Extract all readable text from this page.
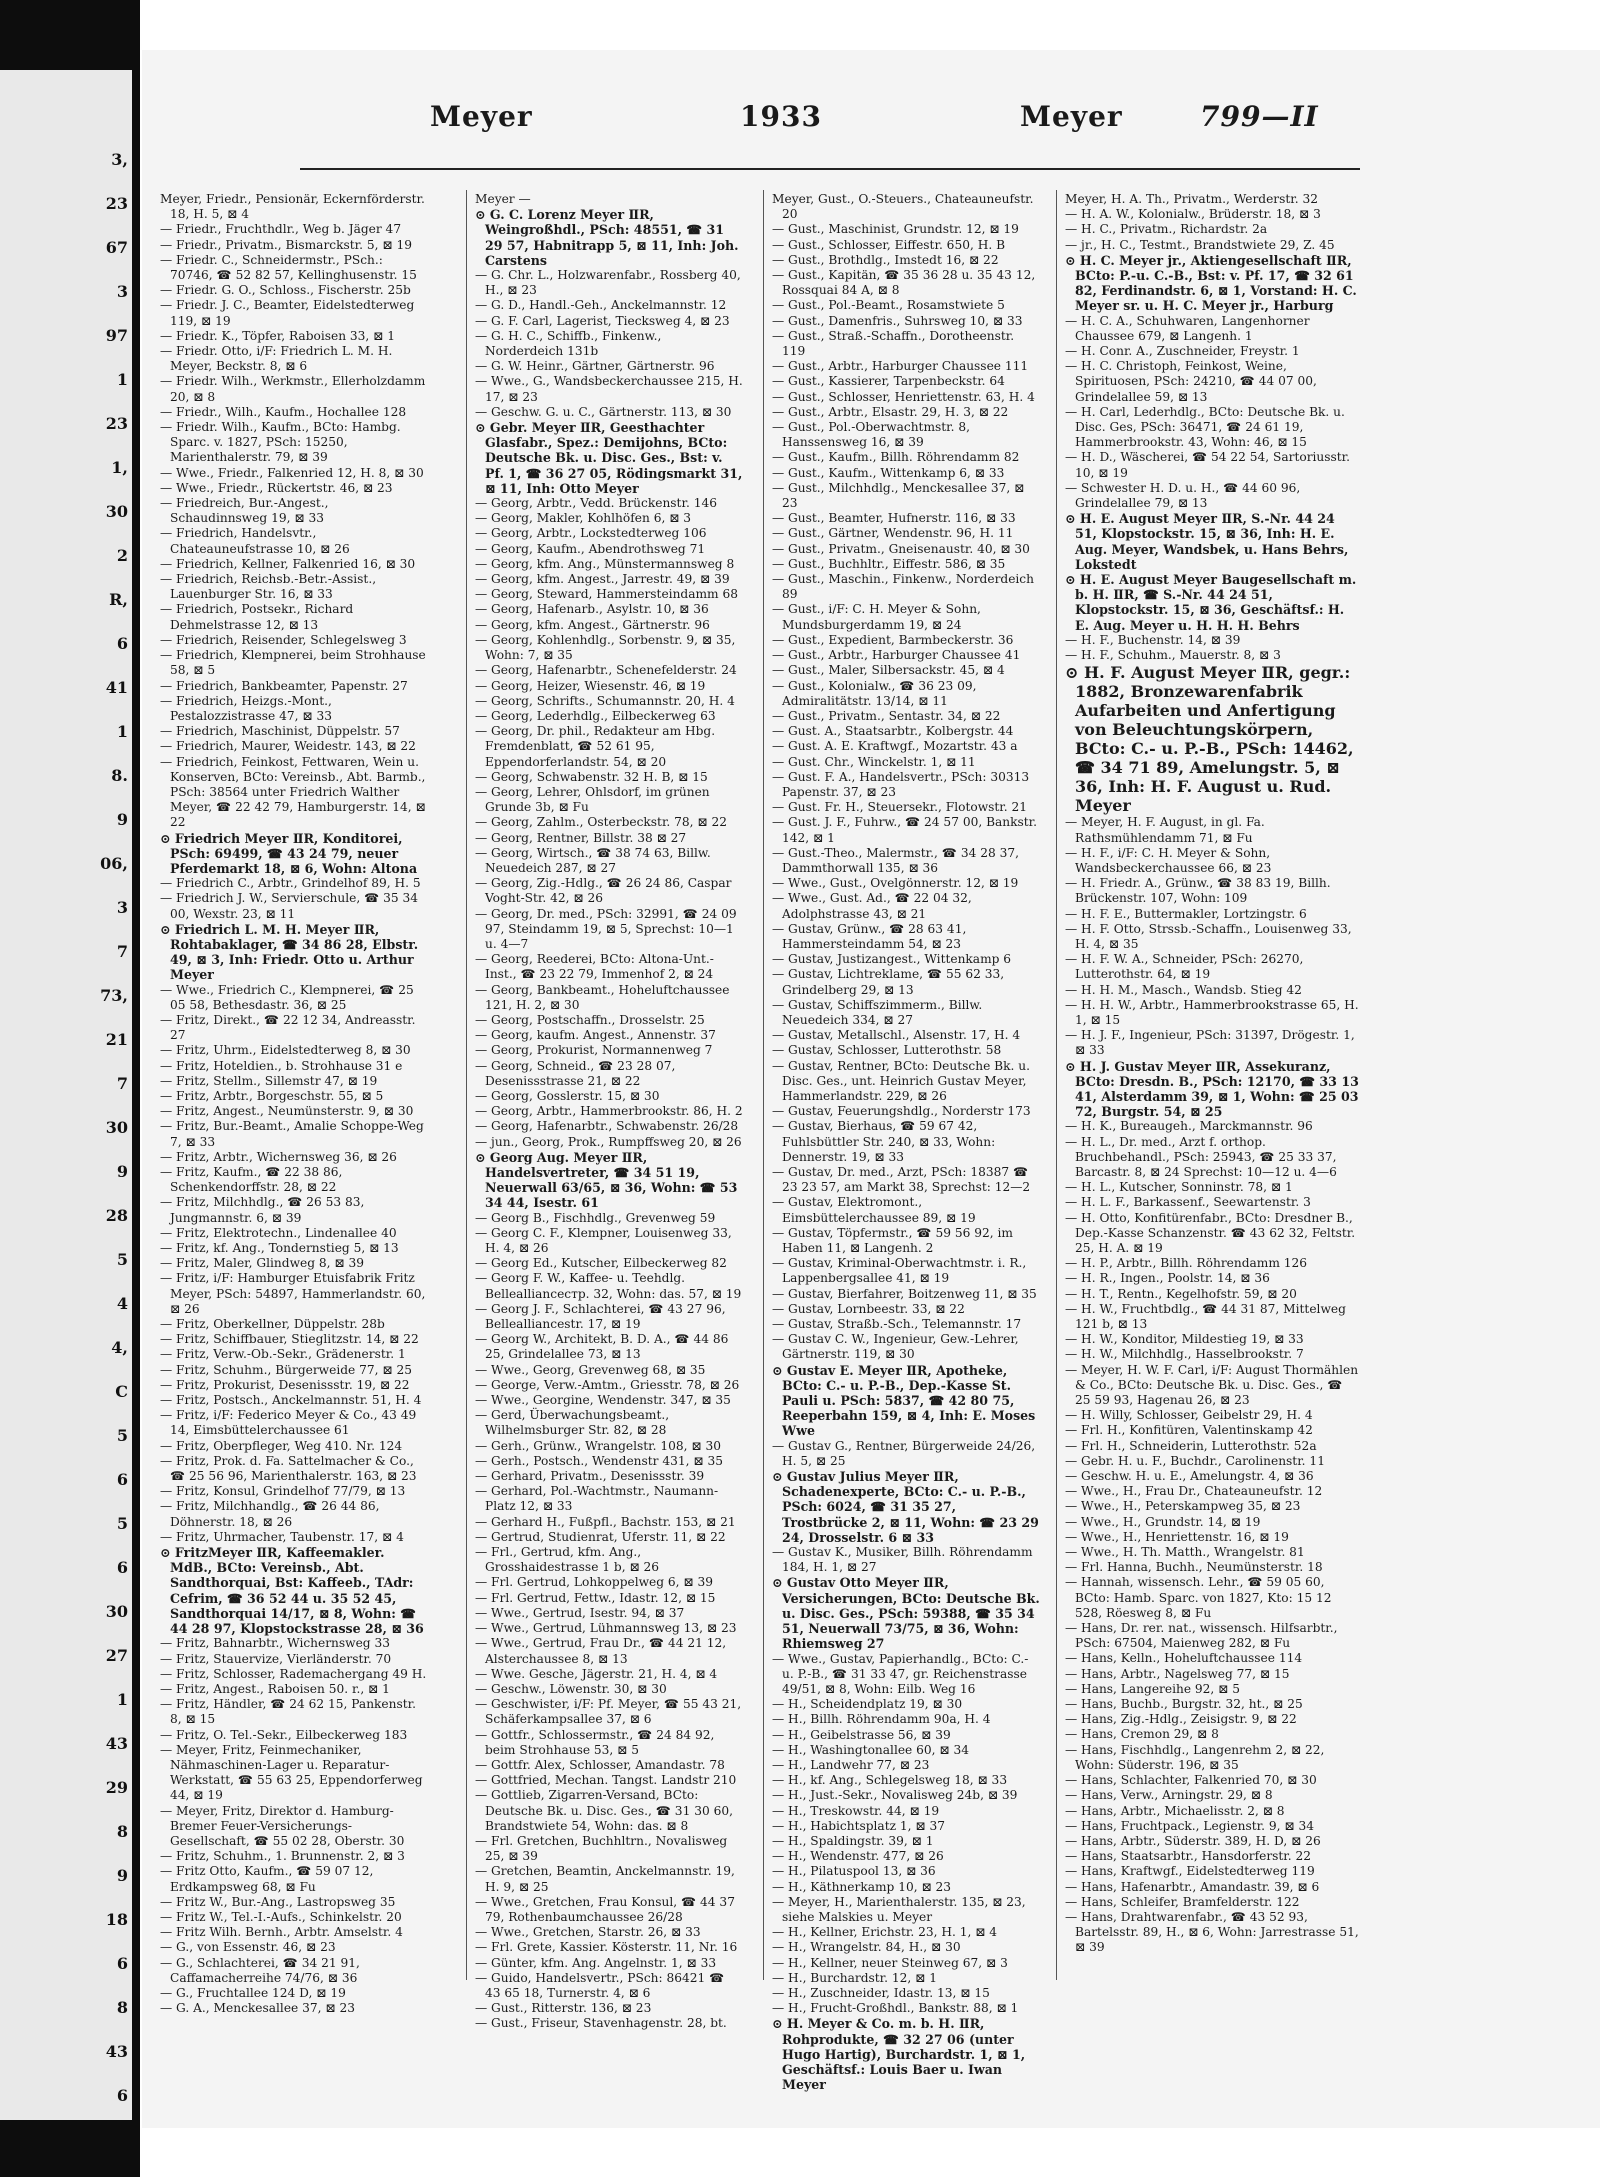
3,
23
67
3
97
1
23
1,
30
2
R,
6
41
1
8.
9
06,
3
7
73,
21
7
30
9
28
5
4
4,
C
5
6
5
6
30
27
1
43
29
8
9
18
6
8
43
6
Meyer	1933	Meyer	799—II

Meyer, Friedr., Pensionär, Eckernförderstr. 18, H. 5, ⊠ 4

— Friedr., Fruchthdlr., Weg b. Jäger 47

— Friedr., Privatm., Bismarckstr. 5, ⊠ 19

— Friedr. C., Schneidermstr., PSch.: 70746, ☎ 52 82 57, Kellinghusenstr. 15

— Friedr. G. O., Schloss., Fischerstr. 25b

— Friedr. J. C., Beamter, Eidelstedterweg 119, ⊠ 19

— Friedr. K., Töpfer, Raboisen 33, ⊠ 1

— Friedr. Otto, i/F: Friedrich L. M. H. Meyer, Beckstr. 8, ⊠ 6

— Friedr. Wilh., Werkmstr., Ellerholzdamm 20, ⊠ 8

— Friedr., Wilh., Kaufm., Hochallee 128

— Friedr. Wilh., Kaufm., BCto: Hambg. Sparc. v. 1827, PSch: 15250, Marienthalerstr. 79, ⊠ 39

— Wwe., Friedr., Falkenried 12, H. 8, ⊠ 30

— Wwe., Friedr., Rückertstr. 46, ⊠ 23

— Friedreich, Bur.-Angest., Schaudinnsweg 19, ⊠ 33

— Friedrich, Handelsvtr., Chateauneufstrasse 10, ⊠ 26

— Friedrich, Kellner, Falkenried 16, ⊠ 30

— Friedrich, Reichsb.-Betr.-Assist., Lauenburger Str. 16, ⊠ 33

— Friedrich, Postsekr., Richard Dehmelstrasse 12, ⊠ 13

— Friedrich, Reisender, Schlegelsweg 3

— Friedrich, Klempnerei, beim Strohhause 58, ⊠ 5

— Friedrich, Bankbeamter, Papenstr. 27

— Friedrich, Heizgs.-Mont., Pestalozzistrasse 47, ⊠ 33

— Friedrich, Maschinist, Düppelstr. 57

— Friedrich, Maurer, Weidestr. 143, ⊠ 22

— Friedrich, Feinkost, Fettwaren, Wein u. Konserven, BCto: Vereinsb., Abt. Barmb., PSch: 38564 unter Friedrich Walther Meyer, ☎ 22 42 79, Hamburgerstr. 14, ⊠ 22

⊙ Friedrich Meyer ⅡR, Konditorei, PSch: 69499, ☎ 43 24 79, neuer Pferdemarkt 18, ⊠ 6, Wohn: Altona

— Friedrich C., Arbtr., Grindelhof 89, H. 5

— Friedrich J. W., Servierschule, ☎ 35 34 00, Wexstr. 23, ⊠ 11

⊙ Friedrich L. M. H. Meyer ⅡR, Rohtabaklager, ☎ 34 86 28, Elbstr. 49, ⊠ 3, Inh: Friedr. Otto u. Arthur Meyer

— Wwe., Friedrich C., Klempnerei, ☎ 25 05 58, Bethesdastr. 36, ⊠ 25

— Fritz, Direkt., ☎ 22 12 34, Andreasstr. 27

— Fritz, Uhrm., Eidelstedterweg 8, ⊠ 30

— Fritz, Hoteldien., b. Strohhause 31 e

— Fritz, Stellm., Sillemstr 47, ⊠ 19

— Fritz, Arbtr., Borgeschstr. 55, ⊠ 5

— Fritz, Angest., Neumünsterstr. 9, ⊠ 30

— Fritz, Bur.-Beamt., Amalie Schoppe-Weg 7, ⊠ 33

— Fritz, Arbtr., Wichernsweg 36, ⊠ 26

— Fritz, Kaufm., ☎ 22 38 86, Schenkendorffstr. 28, ⊠ 22

— Fritz, Milchhdlg., ☎ 26 53 83, Jungmannstr. 6, ⊠ 39

— Fritz, Elektrotechn., Lindenallee 40

— Fritz, kf. Ang., Tondernstieg 5, ⊠ 13

— Fritz, Maler, Glindweg 8, ⊠ 39

— Fritz, i/F: Hamburger Etuisfabrik Fritz Meyer, PSch: 54897, Hammerlandstr. 60, ⊠ 26

— Fritz, Oberkellner, Düppelstr. 28b

— Fritz, Schiffbauer, Stieglitzstr. 14, ⊠ 22

— Fritz, Verw.-Ob.-Sekr., Grädenerstr. 1

— Fritz, Schuhm., Bürgerweide 77, ⊠ 25

— Fritz, Prokurist, Desenissstr. 19, ⊠ 22

— Fritz, Postsch., Anckelmannstr. 51, H. 4

— Fritz, i/F: Federico Meyer & Co., 43 49 14, Eimsbüttelerchaussee 61

— Fritz, Oberpfleger, Weg 410. Nr. 124

— Fritz, Prok. d. Fa. Sattelmacher & Co., ☎ 25 56 96, Marienthalerstr. 163, ⊠ 23

— Fritz, Konsul, Grindelhof 77/79, ⊠ 13

— Fritz, Milchhandlg., ☎ 26 44 86, Döhnerstr. 18, ⊠ 26

— Fritz, Uhrmacher, Taubenstr. 17, ⊠ 4

⊙ FritzMeyer ⅡR, Kaffeemakler. MdB., BCto: Vereinsb., Abt. Sandthorquai, Bst: Kaffeeb., TAdr: Cefrim, ☎ 36 52 44 u. 35 52 45, Sandthorquai 14/17, ⊠ 8, Wohn: ☎ 44 28 97, Klopstockstrasse 28, ⊠ 36

— Fritz, Bahnarbtr., Wichernsweg 33

— Fritz, Stauervize, Vierländerstr. 70

— Fritz, Schlosser, Rademachergang 49 H.

— Fritz, Angest., Raboisen 50. r., ⊠ 1

— Fritz, Händler, ☎ 24 62 15, Pankenstr. 8, ⊠ 15

— Fritz, O. Tel.-Sekr., Eilbeckerweg 183

— Meyer, Fritz, Feinmechaniker, Nähmaschinen-Lager u. Reparatur-Werkstatt, ☎ 55 63 25, Eppendorferweg 44, ⊠ 19

— Meyer, Fritz, Direktor d. Hamburg-Bremer Feuer-Versicherungs-Gesellschaft, ☎ 55 02 28, Oberstr. 30

— Fritz, Schuhm., 1. Brunnenstr. 2, ⊠ 3

— Fritz Otto, Kaufm., ☎ 59 07 12, Erdkampsweg 68, ⊠ Fu

— Fritz W., Bur.-Ang., Lastropsweg 35

— Fritz W., Tel.-I.-Aufs., Schinkelstr. 20

— Fritz Wilh. Bernh., Arbtr. Amselstr. 4

— G., von Essenstr. 46, ⊠ 23

— G., Schlachterei, ☎ 34 21 91, Caffamacherreihe 74/76, ⊠ 36

— G., Fruchtallee 124 D, ⊠ 19

— G. A., Menckesallee 37, ⊠ 23

Meyer —

⊙ G. C. Lorenz Meyer ⅡR, Weingroßhdl., PSch: 48551, ☎ 31 29 57, Habnitrapp 5, ⊠ 11, Inh: Joh. Carstens

— G. Chr. L., Holzwarenfabr., Rossberg 40, H., ⊠ 23

— G. D., Handl.-Geh., Anckelmannstr. 12

— G. F. Carl, Lagerist, Tiecksweg 4, ⊠ 23

— G. H. C., Schiffb., Finkenw., Norderdeich 131b

— G. W. Heinr., Gärtner, Gärtnerstr. 96

— Wwe., G., Wandsbeckerchaussee 215, H. 17, ⊠ 23

— Geschw. G. u. C., Gärtnerstr. 113, ⊠ 30

⊙ Gebr. Meyer ⅡR, Geesthachter Glasfabr., Spez.: Demijohns, BCto: Deutsche Bk. u. Disc. Ges., Bst: v. Pf. 1, ☎ 36 27 05, Rödingsmarkt 31, ⊠ 11, Inh: Otto Meyer

— Georg, Arbtr., Vedd. Brückenstr. 146

— Georg, Makler, Kohlhöfen 6, ⊠ 3

— Georg, Arbtr., Lockstedterweg 106

— Georg, Kaufm., Abendrothsweg 71

— Georg, kfm. Ang., Münstermannsweg 8

— Georg, kfm. Angest., Jarrestr. 49, ⊠ 39

— Georg, Steward, Hammersteindamm 68

— Georg, Hafenarb., Asylstr. 10, ⊠ 36

— Georg, kfm. Angest., Gärtnerstr. 96

— Georg, Kohlenhdlg., Sorbenstr. 9, ⊠ 35, Wohn: 7, ⊠ 35

— Georg, Hafenarbtr., Schenefelderstr. 24

— Georg, Heizer, Wiesenstr. 46, ⊠ 19

— Georg, Schrifts., Schumannstr. 20, H. 4

— Georg, Lederhdlg., Eilbeckerweg 63

— Georg, Dr. phil., Redakteur am Hbg. Fremdenblatt, ☎ 52 61 95, Eppendorferlandstr. 54, ⊠ 20

— Georg, Schwabenstr. 32 H. B, ⊠ 15

— Georg, Lehrer, Ohlsdorf, im grünen Grunde 3b, ⊠ Fu

— Georg, Zahlm., Osterbeckstr. 78, ⊠ 22

— Georg, Rentner, Billstr. 38 ⊠ 27

— Georg, Wirtsch., ☎ 38 74 63, Billw. Neuedeich 287, ⊠ 27

— Georg, Zig.-Hdlg., ☎ 26 24 86, Caspar Voght-Str. 42, ⊠ 26

— Georg, Dr. med., PSch: 32991, ☎ 24 09 97, Steindamm 19, ⊠ 5, Sprechst: 10—1 u. 4—7

— Georg, Reederei, BCto: Altona-Unt.-Inst., ☎ 23 22 79, Immenhof 2, ⊠ 24

— Georg, Bankbeamt., Hoheluftchaussee 121, H. 2, ⊠ 30

— Georg, Postschaffn., Drosselstr. 25

— Georg, kaufm. Angest., Annenstr. 37

— Georg, Prokurist, Normannenweg 7

— Georg, Schneid., ☎ 23 28 07, Desenissstrasse 21, ⊠ 22

— Georg, Gosslerstr. 15, ⊠ 30

— Georg, Arbtr., Hammerbrookstr. 86, H. 2

— Georg, Hafenarbtr., Schwabenstr. 26/28

— jun., Georg, Prok., Rumpffsweg 20, ⊠ 26

⊙ Georg Aug. Meyer ⅡR, Handelsvertreter, ☎ 34 51 19, Neuerwall 63/65, ⊠ 36, Wohn: ☎ 53 34 44, Isestr. 61

— Georg B., Fischhdlg., Grevenweg 59

— Georg C. F., Klempner, Louisenweg 33, H. 4, ⊠ 26

— Georg Ed., Kutscher, Eilbeckerweg 82

— Georg F. W., Kaffee- u. Teehdlg. Belleallianceстр. 32, Wohn: das. 57, ⊠ 19

— Georg J. F., Schlachterei, ☎ 43 27 96, Bellealliancestr. 17, ⊠ 19

— Georg W., Architekt, B. D. A., ☎ 44 86 25, Grindelallee 73, ⊠ 13

— Wwe., Georg, Grevenweg 68, ⊠ 35

— George, Verw.-Amtm., Griesstr. 78, ⊠ 26

— Wwe., Georgine, Wendenstr. 347, ⊠ 35

— Gerd, Überwachungsbeamt., Wilhelmsburger Str. 82, ⊠ 28

— Gerh., Grünw., Wrangelstr. 108, ⊠ 30

— Gerh., Postsch., Wendenstr 431, ⊠ 35

— Gerhard, Privatm., Desenissstr. 39

— Gerhard, Pol.-Wachtmstr., Naumann-Platz 12, ⊠ 33

— Gerhard H., Fußpfl., Bachstr. 153, ⊠ 21

— Gertrud, Studienrat, Uferstr. 11, ⊠ 22

— Frl., Gertrud, kfm. Ang., Grosshaidestrasse 1 b, ⊠ 26

— Frl. Gertrud, Lohkoppelweg 6, ⊠ 39

— Frl. Gertrud, Fettw., Idastr. 12, ⊠ 15

— Wwe., Gertrud, Isestr. 94, ⊠ 37

— Wwe., Gertrud, Lühmannsweg 13, ⊠ 23

— Wwe., Gertrud, Frau Dr., ☎ 44 21 12, Alsterchaussee 8, ⊠ 13

— Wwe. Gesche, Jägerstr. 21, H. 4, ⊠ 4

— Geschw., Löwenstr. 30, ⊠ 30

— Geschwister, i/F: Pf. Meyer, ☎ 55 43 21, Schäferkampsallee 37, ⊠ 6

— Gottfr., Schlossermstr., ☎ 24 84 92, beim Strohhause 53, ⊠ 5

— Gottfr. Alex, Schlosser, Amandastr. 78

— Gottfried, Mechan. Tangst. Landstr 210

— Gottlieb, Zigarren-Versand, BCto: Deutsche Bk. u. Disc. Ges., ☎ 31 30 60, Brandstwiete 54, Wohn: das. ⊠ 8

— Frl. Gretchen, Buchhltrn., Novalisweg 25, ⊠ 39

— Gretchen, Beamtin, Anckelmannstr. 19, H. 9, ⊠ 25

— Wwe., Gretchen, Frau Konsul, ☎ 44 37 79, Rothenbaumchaussee 26/28

— Wwe., Gretchen, Starstr. 26, ⊠ 33

— Frl. Grete, Kassier. Kösterstr. 11, Nr. 16

— Günter, kfm. Ang. Angelnstr. 1, ⊠ 33

— Guido, Handelsvertr., PSch: 86421 ☎ 43 65 18, Turnerstr. 4, ⊠ 6

— Gust., Ritterstr. 136, ⊠ 23

— Gust., Friseur, Stavenhagenstr. 28, bt.

Meyer, Gust., O.-Steuers., Chateauneufstr. 20

— Gust., Maschinist, Grundstr. 12, ⊠ 19

— Gust., Schlosser, Eiffestr. 650, H. B

— Gust., Brothdlg., Imstedt 16, ⊠ 22

— Gust., Kapitän, ☎ 35 36 28 u. 35 43 12, Rossquai 84 A, ⊠ 8

— Gust., Pol.-Beamt., Rosamstwiete 5

— Gust., Damenfris., Suhrsweg 10, ⊠ 33

— Gust., Straß.-Schaffn., Dorotheenstr. 119

— Gust., Arbtr., Harburger Chaussee 111

— Gust., Kassierer, Tarpenbeckstr. 64

— Gust., Schlosser, Henriettenstr. 63, H. 4

— Gust., Arbtr., Elsastr. 29, H. 3, ⊠ 22

— Gust., Pol.-Oberwachtmstr. 8, Hanssensweg 16, ⊠ 39

— Gust., Kaufm., Billh. Röhrendamm 82

— Gust., Kaufm., Wittenkamp 6, ⊠ 33

— Gust., Milchhdlg., Menckesallee 37, ⊠ 23

— Gust., Beamter, Hufnerstr. 116, ⊠ 33

— Gust., Gärtner, Wendenstr. 96, H. 11

— Gust., Privatm., Gneisenaustr. 40, ⊠ 30

— Gust., Buchhltr., Eiffestr. 586, ⊠ 35

— Gust., Maschin., Finkenw., Norderdeich 89

— Gust., i/F: C. H. Meyer & Sohn, Mundsburgerdamm 19, ⊠ 24

— Gust., Expedient, Barmbeckerstr. 36

— Gust., Arbtr., Harburger Chaussee 41

— Gust., Maler, Silbersackstr. 45, ⊠ 4

— Gust., Kolonialw., ☎ 36 23 09, Admiralitätstr. 13/14, ⊠ 11

— Gust., Privatm., Sentastr. 34, ⊠ 22

— Gust. A., Staatsarbtr., Kolbergstr. 44

— Gust. A. E. Kraftwgf., Mozartstr. 43 a

— Gust. Chr., Winckelstr. 1, ⊠ 11

— Gust. F. A., Handelsvertr., PSch: 30313 Papenstr. 37, ⊠ 23

— Gust. Fr. H., Steuersekr., Flotowstr. 21

— Gust. J. F., Fuhrw., ☎ 24 57 00, Bankstr. 142, ⊠ 1

— Gust.-Theo., Malermstr., ☎ 34 28 37, Dammthorwall 135, ⊠ 36

— Wwe., Gust., Ovelgönnerstr. 12, ⊠ 19

— Wwe., Gust. Ad., ☎ 22 04 32, Adolphstrasse 43, ⊠ 21

— Gustav, Grünw., ☎ 28 63 41, Hammersteindamm 54, ⊠ 23

— Gustav, Justizangest., Wittenkamp 6

— Gustav, Lichtreklame, ☎ 55 62 33, Grindelberg 29, ⊠ 13

— Gustav, Schiffszimmerm., Billw. Neuedeich 334, ⊠ 27

— Gustav, Metallschl., Alsenstr. 17, H. 4

— Gustav, Schlosser, Lutterothstr. 58

— Gustav, Rentner, BCto: Deutsche Bk. u. Disc. Ges., unt. Heinrich Gustav Meyer, Hammerlandstr. 229, ⊠ 26

— Gustav, Feuerungshdlg., Norderstr 173

— Gustav, Bierhaus, ☎ 59 67 42, Fuhlsbüttler Str. 240, ⊠ 33, Wohn: Dennerstr. 19, ⊠ 33

— Gustav, Dr. med., Arzt, PSch: 18387 ☎ 23 23 57, am Markt 38, Sprechst: 12—2

— Gustav, Elektromont., Eimsbüttelerchaussee 89, ⊠ 19

— Gustav, Töpfermstr., ☎ 59 56 92, im Haben 11, ⊠ Langenh. 2

— Gustav, Kriminal-Oberwachtmstr. i. R., Lappenbergsallee 41, ⊠ 19

— Gustav, Bierfahrer, Boitzenweg 11, ⊠ 35

— Gustav, Lornbeestr. 33, ⊠ 22

— Gustav, Straßb.-Sch., Telemannstr. 17

— Gustav C. W., Ingenieur, Gew.-Lehrer, Gärtnerstr. 119, ⊠ 30

⊙ Gustav E. Meyer ⅡR, Apotheke, BCto: C.- u. P.-B., Dep.-Kasse St. Pauli u. PSch: 5837, ☎ 42 80 75, Reeperbahn 159, ⊠ 4, Inh: E. Moses Wwe

— Gustav G., Rentner, Bürgerweide 24/26, H. 5, ⊠ 25

⊙ Gustav Julius Meyer ⅡR, Schadenexperte, BCto: C.- u. P.-B., PSch: 6024, ☎ 31 35 27, Trostbrücke 2, ⊠ 11, Wohn: ☎ 23 29 24, Drosselstr. 6 ⊠ 33

— Gustav K., Musiker, Billh. Röhrendamm 184, H. 1, ⊠ 27

⊙ Gustav Otto Meyer ⅡR, Versicherungen, BCto: Deutsche Bk. u. Disc. Ges., PSch: 59388, ☎ 35 34 51, Neuerwall 73/75, ⊠ 36, Wohn: Rhiemsweg 27

— Wwe., Gustav, Papierhandlg., BCto: C.- u. P.-B., ☎ 31 33 47, gr. Reichenstrasse 49/51, ⊠ 8, Wohn: Eilb. Weg 16

— H., Scheidendplatz 19, ⊠ 30

— H., Billh. Röhrendamm 90a, H. 4

— H., Geibelstrasse 56, ⊠ 39

— H., Washingtonallee 60, ⊠ 34

— H., Landwehr 77, ⊠ 23

— H., kf. Ang., Schlegelsweg 18, ⊠ 33

— H., Just.-Sekr., Novalisweg 24b, ⊠ 39

— H., Treskowstr. 44, ⊠ 19

— H., Habichtsplatz 1, ⊠ 37

— H., Spaldingstr. 39, ⊠ 1

— H., Wendenstr. 477, ⊠ 26

— H., Pilatuspool 13, ⊠ 36

— H., Käthnerkamp 10, ⊠ 23

— Meyer, H., Marienthalerstr. 135, ⊠ 23, siehe Malskies u. Meyer

— H., Kellner, Erichstr. 23, H. 1, ⊠ 4

— H., Wrangelstr. 84, H., ⊠ 30

— H., Kellner, neuer Steinweg 67, ⊠ 3

— H., Burchardstr. 12, ⊠ 1

— H., Zuschneider, Idastr. 13, ⊠ 15

— H., Frucht-Großhdl., Bankstr. 88, ⊠ 1

⊙ H. Meyer & Co. m. b. H. ⅡR, Rohprodukte, ☎ 32 27 06 (unter Hugo Hartig), Burchardstr. 1, ⊠ 1, Geschäftsf.: Louis Baer u. Iwan Meyer

Meyer, H. A. Th., Privatm., Werderstr. 32

— H. A. W., Kolonialw., Brüderstr. 18, ⊠ 3

— H. C., Privatm., Richardstr. 2a

— jr., H. C., Testmt., Brandstwiete 29, Z. 45

⊙ H. C. Meyer jr., Aktiengesellschaft ⅡR, BCto: P.-u. C.-B., Bst: v. Pf. 17, ☎ 32 61 82, Ferdinandstr. 6, ⊠ 1, Vorstand: H. C. Meyer sr. u. H. C. Meyer jr., Harburg

— H. C. A., Schuhwaren, Langenhorner Chaussee 679, ⊠ Langenh. 1

— H. Conr. A., Zuschneider, Freystr. 1

— H. C. Christoph, Feinkost, Weine, Spirituosen, PSch: 24210, ☎ 44 07 00, Grindelallee 59, ⊠ 13

— H. Carl, Lederhdlg., BCto: Deutsche Bk. u. Disc. Ges, PSch: 36471, ☎ 24 61 19, Hammerbrookstr. 43, Wohn: 46, ⊠ 15

— H. D., Wäscherei, ☎ 54 22 54, Sartoriusstr. 10, ⊠ 19

— Schwester H. D. u. H., ☎ 44 60 96, Grindelallee 79, ⊠ 13

⊙ H. E. August Meyer ⅡR, S.-Nr. 44 24 51, Klopstockstr. 15, ⊠ 36, Inh: H. E. Aug. Meyer, Wandsbek, u. Hans Behrs, Lokstedt

⊙ H. E. August Meyer Baugesellschaft m. b. H. ⅡR, ☎ S.-Nr. 44 24 51, Klopstockstr. 15, ⊠ 36, Geschäftsf.: H. E. Aug. Meyer u. H. H. H. Behrs

— H. F., Buchenstr. 14, ⊠ 39

— H. F., Schuhm., Mauerstr. 8, ⊠ 3

⊙ H. F. August Meyer ⅡR, gegr.: 1882, Bronzewarenfabrik Aufarbeiten und Anfertigung von Beleuchtungskörpern, BCto: C.- u. P.-B., PSch: 14462, ☎ 34 71 89, Amelungstr. 5, ⊠ 36, Inh: H. F. August u. Rud. Meyer

— Meyer, H. F. August, in gl. Fa. Rathsmühlendamm 71, ⊠ Fu

— H. F., i/F: C. H. Meyer & Sohn, Wandsbeckerchaussee 66, ⊠ 23

— H. Friedr. A., Grünw., ☎ 38 83 19, Billh. Brückenstr. 107, Wohn: 109

— H. F. E., Buttermakler, Lortzingstr. 6

— H. F. Otto, Strssb.-Schaffn., Louisenweg 33, H. 4, ⊠ 35

— H. F. W. A., Schneider, PSch: 26270, Lutterothstr. 64, ⊠ 19

— H. H. M., Masch., Wandsb. Stieg 42

— H. H. W., Arbtr., Hammerbrookstrasse 65, H. 1, ⊠ 15

— H. J. F., Ingenieur, PSch: 31397, Drögestr. 1, ⊠ 33

⊙ H. J. Gustav Meyer ⅡR, Assekuranz, BCto: Dresdn. B., PSch: 12170, ☎ 33 13 41, Alsterdamm 39, ⊠ 1, Wohn: ☎ 25 03 72, Burgstr. 54, ⊠ 25

— H. K., Bureaugeh., Marckmannstr. 96

— H. L., Dr. med., Arzt f. orthop. Bruchbehandl., PSch: 25943, ☎ 25 33 37, Barcastr. 8, ⊠ 24 Sprechst: 10—12 u. 4—6

— H. L., Kutscher, Sonninstr. 78, ⊠ 1

— H. L. F., Barkassenf., Seewartenstr. 3

— H. Otto, Konfitürenfabr., BCto: Dresdner B., Dep.-Kasse Schanzenstr. ☎ 43 62 32, Feltstr. 25, H. A. ⊠ 19

— H. P., Arbtr., Billh. Röhrendamm 126

— H. R., Ingen., Poolstr. 14, ⊠ 36

— H. T., Rentn., Kegelhofstr. 59, ⊠ 20

— H. W., Fruchtbdlg., ☎ 44 31 87, Mittelweg 121 b, ⊠ 13

— H. W., Konditor, Mildestieg 19, ⊠ 33

— H. W., Milchhdlg., Hasselbrookstr. 7

— Meyer, H. W. F. Carl, i/F: August Thormählen & Co., BCto: Deutsche Bk. u. Disc. Ges., ☎ 25 59 93, Hagenau 26, ⊠ 23

— H. Willy, Schlosser, Geibelstr 29, H. 4

— Frl. H., Konfitüren, Valentinskamp 42

— Frl. H., Schneiderin, Lutterothstr. 52a

— Gebr. H. u. F., Buchdr., Carolinenstr. 11

— Geschw. H. u. E., Amelungstr. 4, ⊠ 36

— Wwe., H., Frau Dr., Chateauneufstr. 12

— Wwe., H., Peterskampweg 35, ⊠ 23

— Wwe., H., Grundstr. 14, ⊠ 19

— Wwe., H., Henriettenstr. 16, ⊠ 19

— Wwe., H. Th. Matth., Wrangelstr. 81

— Frl. Hanna, Buchh., Neumünsterstr. 18

— Hannah, wissensch. Lehr., ☎ 59 05 60, BCto: Hamb. Sparc. von 1827, Kto: 15 12 528, Röesweg 8, ⊠ Fu

— Hans, Dr. rer. nat., wissensch. Hilfsarbtr., PSch: 67504, Maienweg 282, ⊠ Fu

— Hans, Kelln., Hoheluftchaussee 114

— Hans, Arbtr., Nagelsweg 77, ⊠ 15

— Hans, Langereihe 92, ⊠ 5

— Hans, Buchb., Burgstr. 32, ht., ⊠ 25

— Hans, Zig.-Hdlg., Zeisigstr. 9, ⊠ 22

— Hans, Cremon 29, ⊠ 8

— Hans, Fischhdlg., Langenrehm 2, ⊠ 22, Wohn: Süderstr. 196, ⊠ 35

— Hans, Schlachter, Falkenried 70, ⊠ 30

— Hans, Verw., Arningstr. 29, ⊠ 8

— Hans, Arbtr., Michaelisstr. 2, ⊠ 8

— Hans, Fruchtpack., Legienstr. 9, ⊠ 34

— Hans, Arbtr., Süderstr. 389, H. D, ⊠ 26

— Hans, Staatsarbtr., Hansdorferstr. 22

— Hans, Kraftwgf., Eidelstedterweg 119

— Hans, Hafenarbtr., Amandastr. 39, ⊠ 6

— Hans, Schleifer, Bramfelderstr. 122

— Hans, Drahtwarenfabr., ☎ 43 52 93, Bartelsstr. 89, H., ⊠ 6, Wohn: Jarrestrasse 51, ⊠ 39
